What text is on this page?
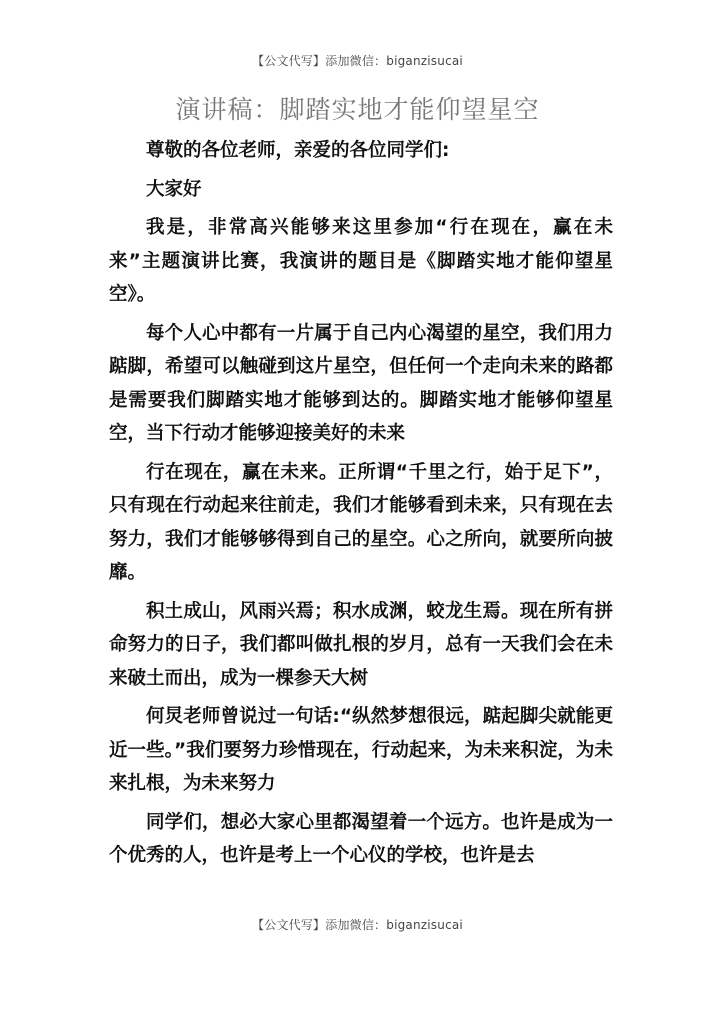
【公文代写】添加微信：biganzisucai
演讲稿：脚踏实地才能仰望星空

尊敬的各位老师，亲爱的各位同学们:

大家好

我是，非常高兴能够来这里参加“行在现在，赢在未来”主题演讲比赛，我演讲的题目是《脚踏实地才能仰望星空》。

每个人心中都有一片属于自己内心渴望的星空，我们用力踮脚，希望可以触碰到这片星空，但任何一个走向未来的路都是需要我们脚踏实地才能够到达的。脚踏实地才能够仰望星空，当下行动才能够迎接美好的未来

行在现在，赢在未来。正所谓“千里之行，始于足下”，只有现在行动起来往前走，我们才能够看到未来，只有现在去努力，我们才能够够得到自己的星空。心之所向，就要所向披靡。

积土成山，风雨兴焉；积水成渊，蛟龙生焉。现在所有拼命努力的日子，我们都叫做扎根的岁月，总有一天我们会在未来破土而出，成为一棵参天大树

何炅老师曾说过一句话:“纵然梦想很远，踮起脚尖就能更近一些。”我们要努力珍惜现在，行动起来，为未来积淀，为未来扎根，为未来努力

同学们，想必大家心里都渴望着一个远方。也许是成为一个优秀的人，也许是考上一个心仪的学校，也许是去

【公文代写】添加微信：biganzisucai
